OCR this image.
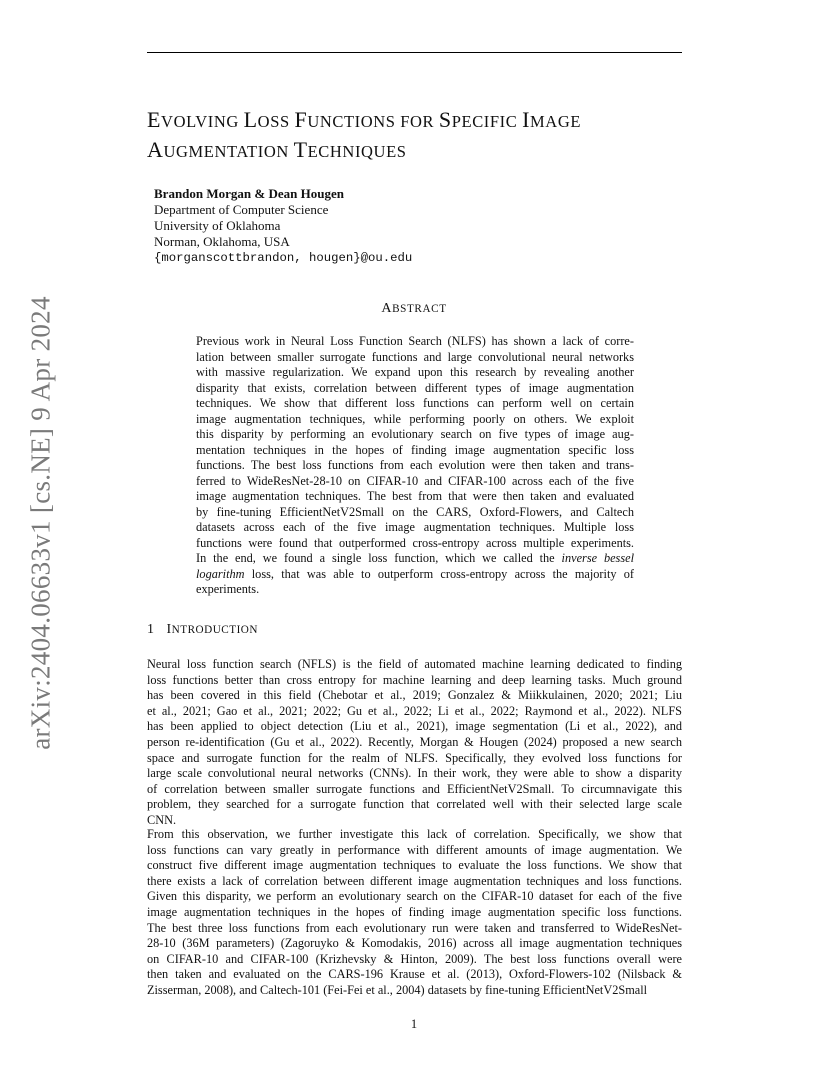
arXiv:2404.06633v1 [cs.NE] 9 Apr 2024
EVOLVING LOSS FUNCTIONS FOR SPECIFIC IMAGE
AUGMENTATION TECHNIQUES
Brandon Morgan & Dean Hougen
Department of Computer Science
University of Oklahoma
Norman, Oklahoma, USA
{morganscottbrandon, hougen}@ou.edu
ABSTRACT
Previous work in Neural Loss Function Search (NLFS) has shown a lack of corre-
lation between smaller surrogate functions and large convolutional neural networks
with massive regularization. We expand upon this research by revealing another
disparity that exists, correlation between different types of image augmentation
techniques. We show that different loss functions can perform well on certain
image augmentation techniques, while performing poorly on others. We exploit
this disparity by performing an evolutionary search on five types of image aug-
mentation techniques in the hopes of finding image augmentation specific loss
functions. The best loss functions from each evolution were then taken and trans-
ferred to WideResNet-28-10 on CIFAR-10 and CIFAR-100 across each of the five
image augmentation techniques. The best from that were then taken and evaluated
by fine-tuning EfficientNetV2Small on the CARS, Oxford-Flowers, and Caltech
datasets across each of the five image augmentation techniques. Multiple loss
functions were found that outperformed cross-entropy across multiple experiments.
In the end, we found a single loss function, which we called the inverse bessel
logarithm loss, that was able to outperform cross-entropy across the majority of
experiments.
1 INTRODUCTION
Neural loss function search (NFLS) is the field of automated machine learning dedicated to finding
loss functions better than cross entropy for machine learning and deep learning tasks. Much ground
has been covered in this field (Chebotar et al., 2019; Gonzalez & Miikkulainen, 2020; 2021; Liu
et al., 2021; Gao et al., 2021; 2022; Gu et al., 2022; Li et al., 2022; Raymond et al., 2022). NLFS
has been applied to object detection (Liu et al., 2021), image segmentation (Li et al., 2022), and
person re-identification (Gu et al., 2022). Recently, Morgan & Hougen (2024) proposed a new search
space and surrogate function for the realm of NLFS. Specifically, they evolved loss functions for
large scale convolutional neural networks (CNNs). In their work, they were able to show a disparity
of correlation between smaller surrogate functions and EfficientNetV2Small. To circumnavigate this
problem, they searched for a surrogate function that correlated well with their selected large scale
CNN.
From this observation, we further investigate this lack of correlation. Specifically, we show that
loss functions can vary greatly in performance with different amounts of image augmentation. We
construct five different image augmentation techniques to evaluate the loss functions. We show that
there exists a lack of correlation between different image augmentation techniques and loss functions.
Given this disparity, we perform an evolutionary search on the CIFAR-10 dataset for each of the five
image augmentation techniques in the hopes of finding image augmentation specific loss functions.
The best three loss functions from each evolutionary run were taken and transferred to WideResNet-
28-10 (36M parameters) (Zagoruyko & Komodakis, 2016) across all image augmentation techniques
on CIFAR-10 and CIFAR-100 (Krizhevsky & Hinton, 2009). The best loss functions overall were
then taken and evaluated on the CARS-196 Krause et al. (2013), Oxford-Flowers-102 (Nilsback &
Zisserman, 2008), and Caltech-101 (Fei-Fei et al., 2004) datasets by fine-tuning EfficientNetV2Small
1
